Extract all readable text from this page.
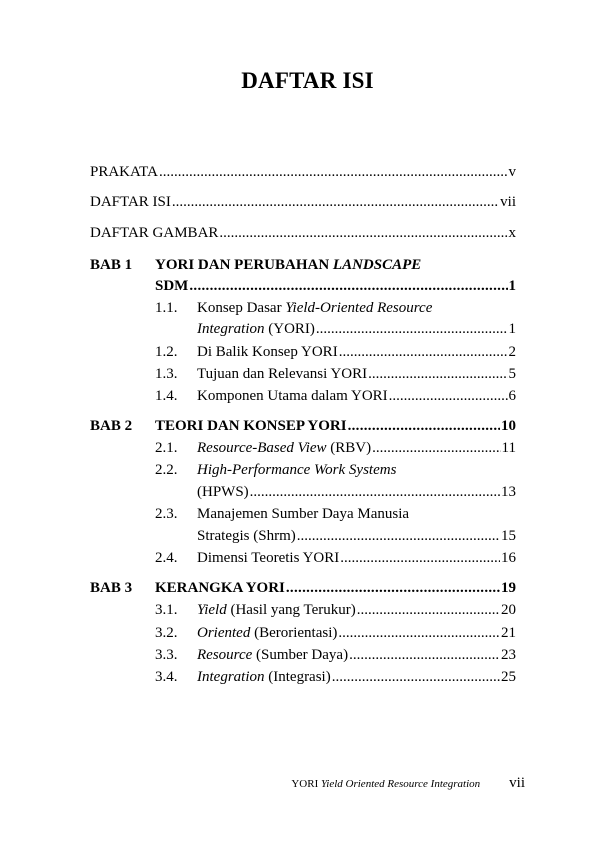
DAFTAR ISI
PRAKATA .....	v
DAFTAR ISI .....	vii
DAFTAR GAMBAR .....	x
BAB 1 YORI DAN PERUBAHAN LANDSCAPE
SDM .....	1
1.1. Konsep Dasar Yield-Oriented Resource
Integration (YORI) .....	1
1.2. Di Balik Konsep YORI .....	2
1.3. Tujuan dan Relevansi YORI .....	5
1.4. Komponen Utama dalam YORI .....	6
BAB 2 TEORI DAN KONSEP YORI .....	10
2.1. Resource-Based View (RBV) .....	11
2.2. High-Performance Work Systems
(HPWS) .....	13
2.3. Manajemen Sumber Daya Manusia
Strategis (Shrm) .....	15
2.4. Dimensi Teoretis YORI .....	16
BAB 3 KERANGKA YORI .....	19
3.1. Yield (Hasil yang Terukur) .....	20
3.2. Oriented (Berorientasi) .....	21
3.3. Resource (Sumber Daya) .....	23
3.4. Integration (Integrasi) .....	25
YORI Yield Oriented Resource Integration vii
